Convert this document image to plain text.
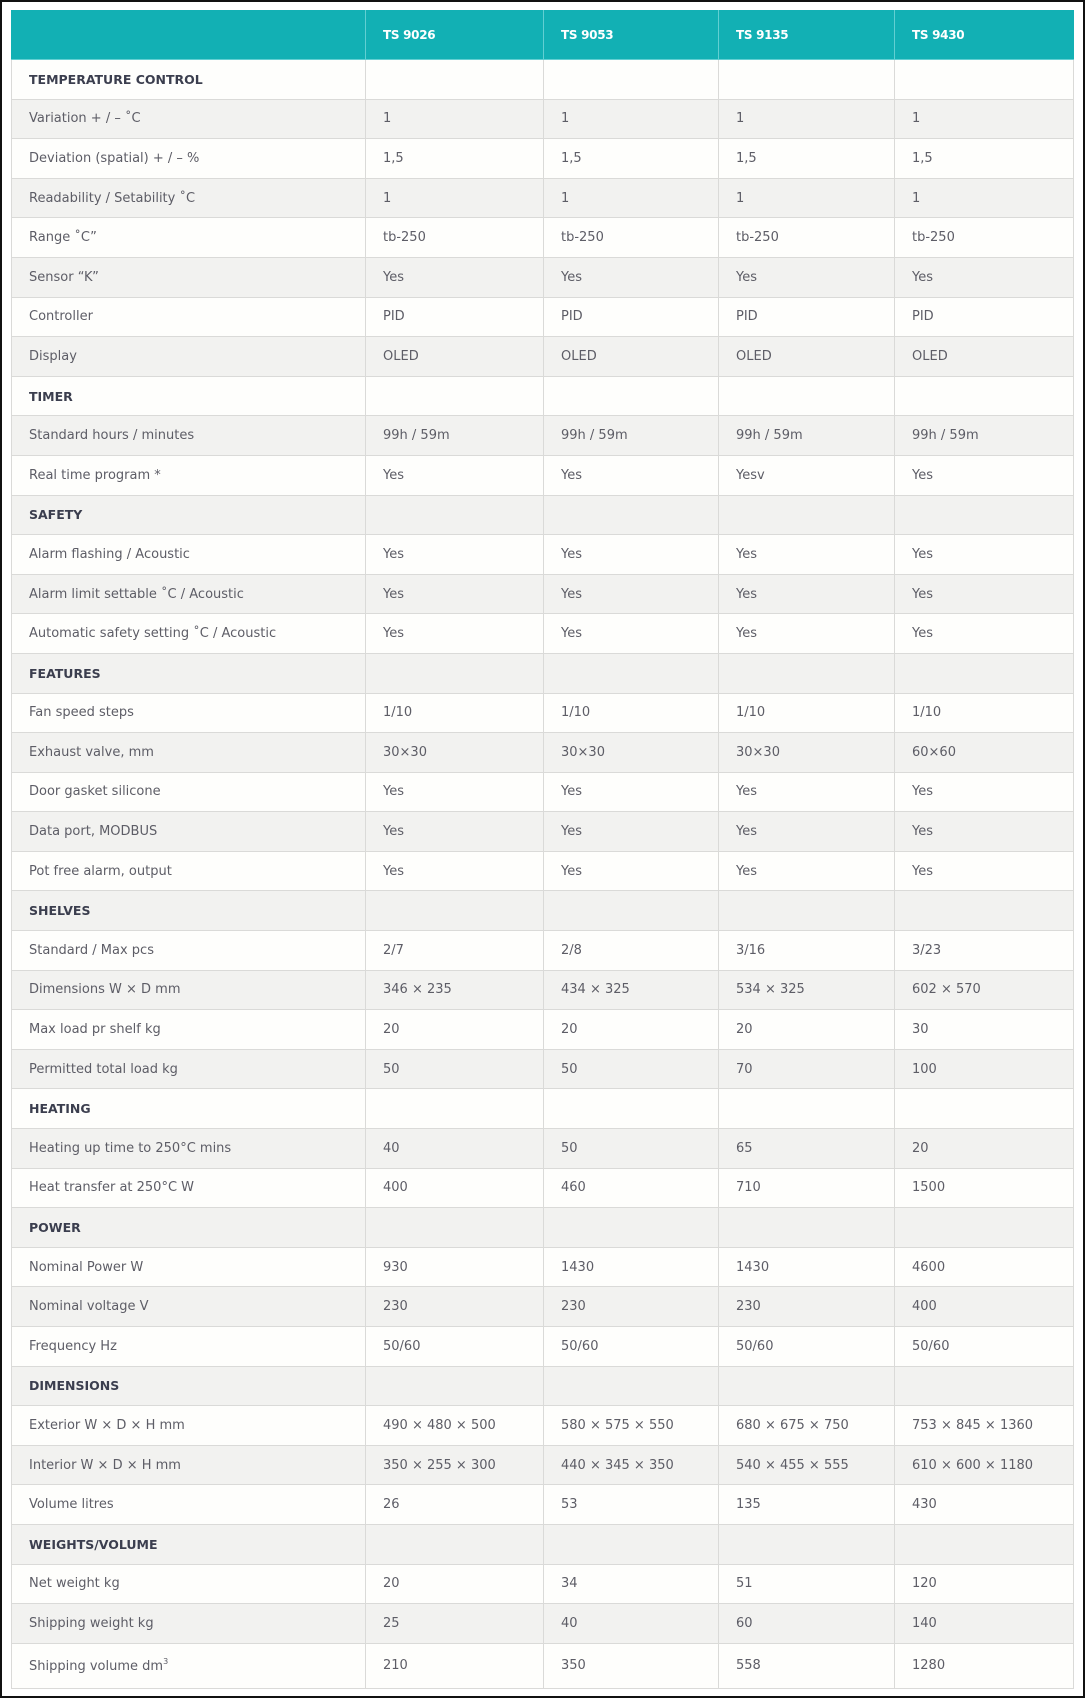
	TS 9026	TS 9053	TS 9135	TS 9430
TEMPERATURE CONTROL				
Variation + / – ˚C	1	1	1	1
Deviation (spatial) + / – %	1,5	1,5	1,5	1,5
Readability / Setability ˚C	1	1	1	1
Range ˚C”	tb-250	tb-250	tb-250	tb-250
Sensor “K”	Yes	Yes	Yes	Yes
Controller	PID	PID	PID	PID
Display	OLED	OLED	OLED	OLED
TIMER				
Standard hours / minutes	99h / 59m	99h / 59m	99h / 59m	99h / 59m
Real time program *	Yes	Yes	Yesv	Yes
SAFETY				
Alarm flashing / Acoustic	Yes	Yes	Yes	Yes
Alarm limit settable ˚C / Acoustic	Yes	Yes	Yes	Yes
Automatic safety setting ˚C / Acoustic	Yes	Yes	Yes	Yes
FEATURES				
Fan speed steps	1/10	1/10	1/10	1/10
Exhaust valve, mm	30×30	30×30	30×30	60×60
Door gasket silicone	Yes	Yes	Yes	Yes
Data port, MODBUS	Yes	Yes	Yes	Yes
Pot free alarm, output	Yes	Yes	Yes	Yes
SHELVES				
Standard / Max pcs	2/7	2/8	3/16	3/23
Dimensions W × D mm	346 × 235	434 × 325	534 × 325	602 × 570
Max load pr shelf kg	20	20	20	30
Permitted total load kg	50	50	70	100
HEATING				
Heating up time to 250°C mins	40	50	65	20
Heat transfer at 250°C W	400	460	710	1500
POWER				
Nominal Power W	930	1430	1430	4600
Nominal voltage V	230	230	230	400
Frequency Hz	50/60	50/60	50/60	50/60
DIMENSIONS				
Exterior W × D × H mm	490 × 480 × 500	580 × 575 × 550	680 × 675 × 750	753 × 845 × 1360
Interior W × D × H mm	350 × 255 × 300	440 × 345 × 350	540 × 455 × 555	610 × 600 × 1180
Volume litres	26	53	135	430
WEIGHTS/VOLUME				
Net weight kg	20	34	51	120
Shipping weight kg	25	40	60	140
Shipping volume $dm^3$	210	350	558	1280
